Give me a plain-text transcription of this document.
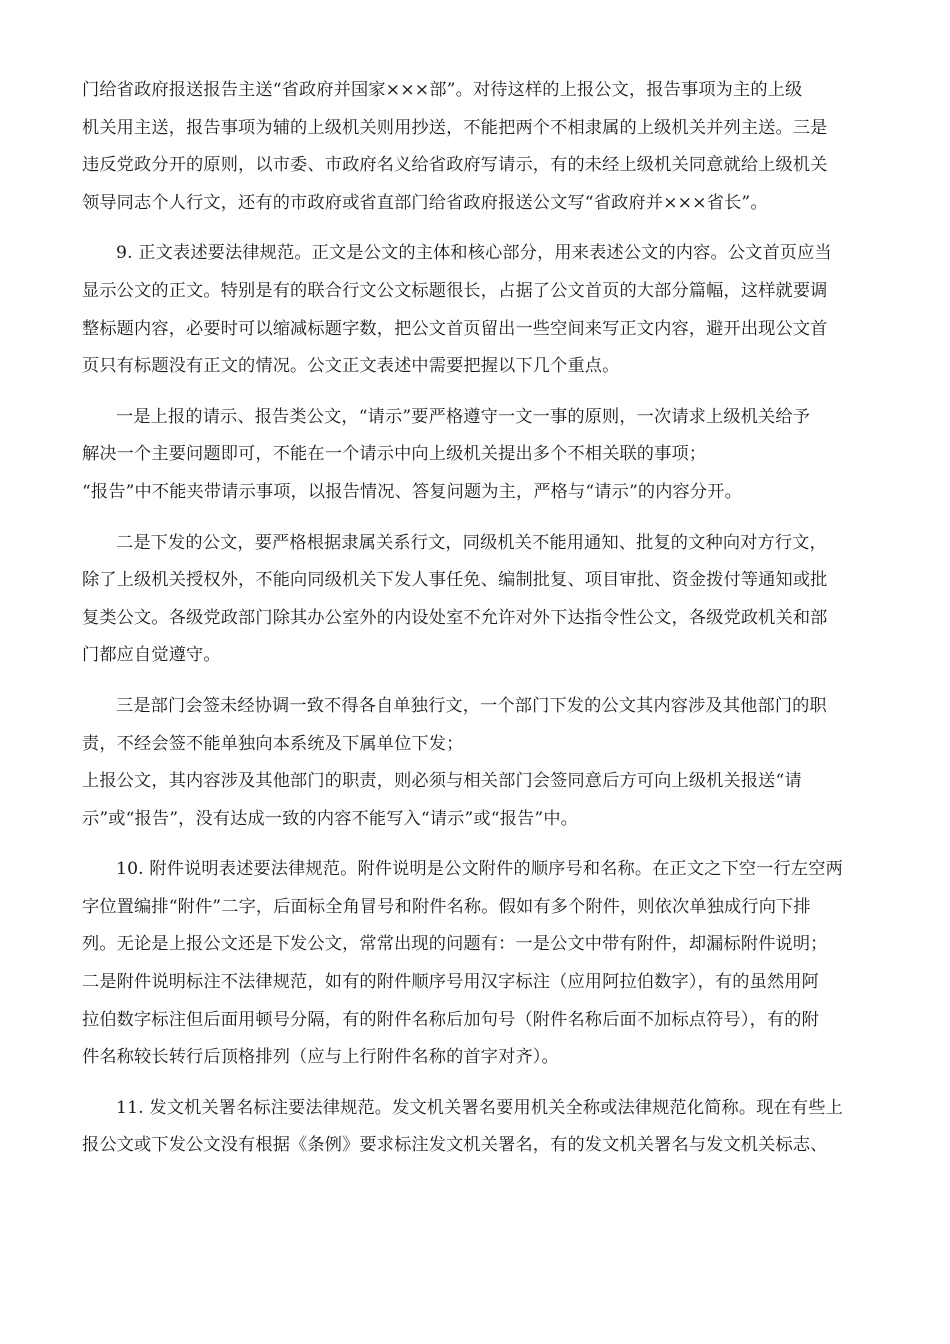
门给省政府报送报告主送“省政府并国家×××部”。对待这样的上报公文，报告事项为主的上级
机关用主送，报告事项为辅的上级机关则用抄送，不能把两个不相隶属的上级机关并列主送。三是
违反党政分开的原则，以市委、市政府名义给省政府写请示，有的未经上级机关同意就给上级机关
领导同志个人行文，还有的市政府或省直部门给省政府报送公文写“省政府并×××省长”。

9. 正文表述要法律规范。正文是公文的主体和核心部分，用来表述公文的内容。公文首页应当
显示公文的正文。特别是有的联合行文公文标题很长，占据了公文首页的大部分篇幅，这样就要调
整标题内容，必要时可以缩减标题字数，把公文首页留出一些空间来写正文内容，避开出现公文首
页只有标题没有正文的情况。公文正文表述中需要把握以下几个重点。

一是上报的请示、报告类公文，“请示”要严格遵守一文一事的原则，一次请求上级机关给予
解决一个主要问题即可，不能在一个请示中向上级机关提出多个不相关联的事项；
“报告”中不能夹带请示事项，以报告情况、答复问题为主，严格与“请示”的内容分开。

二是下发的公文，要严格根据隶属关系行文，同级机关不能用通知、批复的文种向对方行文，
除了上级机关授权外，不能向同级机关下发人事任免、编制批复、项目审批、资金拨付等通知或批
复类公文。各级党政部门除其办公室外的内设处室不允许对外下达指令性公文，各级党政机关和部
门都应自觉遵守。

三是部门会签未经协调一致不得各自单独行文，一个部门下发的公文其内容涉及其他部门的职
责，不经会签不能单独向本系统及下属单位下发；
上报公文，其内容涉及其他部门的职责，则必须与相关部门会签同意后方可向上级机关报送“请
示”或“报告”，没有达成一致的内容不能写入“请示”或“报告”中。

10. 附件说明表述要法律规范。附件说明是公文附件的顺序号和名称。在正文之下空一行左空两
字位置编排“附件”二字，后面标全角冒号和附件名称。假如有多个附件，则依次单独成行向下排
列。无论是上报公文还是下发公文，常常出现的问题有：一是公文中带有附件，却漏标附件说明；
二是附件说明标注不法律规范，如有的附件顺序号用汉字标注（应用阿拉伯数字），有的虽然用阿
拉伯数字标注但后面用顿号分隔，有的附件名称后加句号（附件名称后面不加标点符号），有的附
件名称较长转行后顶格排列（应与上行附件名称的首字对齐）。

11. 发文机关署名标注要法律规范。发文机关署名要用机关全称或法律规范化简称。现在有些上
报公文或下发公文没有根据《条例》要求标注发文机关署名，有的发文机关署名与发文机关标志、
